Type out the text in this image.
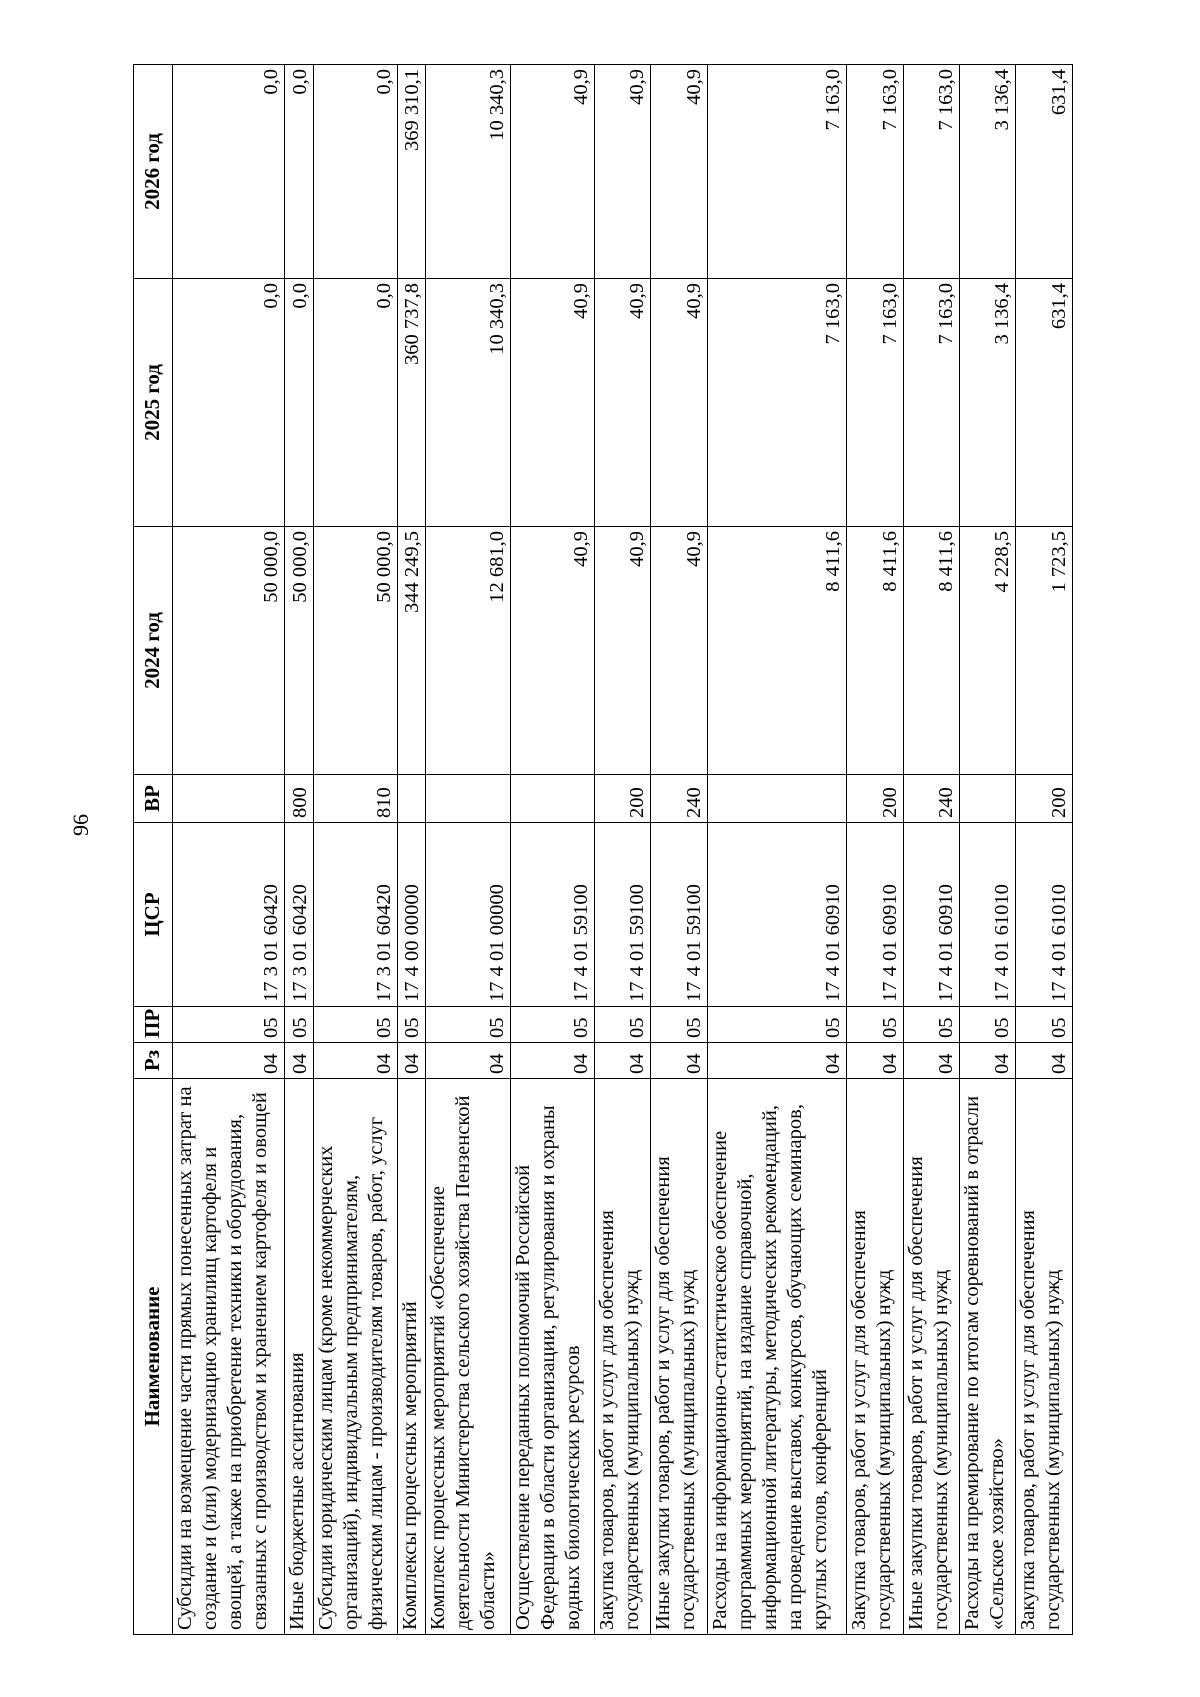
96
Наименование	Рз	ПР	ЦСР	ВР	2024 год	2025 год	2026 год
Субсидии на возмещение части прямых понесенных затрат на создание и (или) модернизацию хранилищ картофеля и овощей, а также на приобретение техники и оборудования, связанных с производством и хранением картофеля и овощей	04	05	17 3 01 60420		50 000,0	0,0	0,0
Иные бюджетные ассигнования	04	05	17 3 01 60420	800	50 000,0	0,0	0,0
Субсидии юридическим лицам (кроме некоммерческих организаций), индивидуальным предпринимателям, физическим лицам - производителям товаров, работ, услуг	04	05	17 3 01 60420	810	50 000,0	0,0	0,0
Комплексы процессных мероприятий	04	05	17 4 00 00000		344 249,5	360 737,8	369 310,1
Комплекс процессных мероприятий «Обеспечение деятельности Министерства сельского хозяйства Пензенской области»	04	05	17 4 01 00000		12 681,0	10 340,3	10 340,3
Осуществление переданных полномочий Российской Федерации в области организации, регулирования и охраны водных биологических ресурсов	04	05	17 4 01 59100		40,9	40,9	40,9
Закупка товаров, работ и услуг для обеспечения государственных (муниципальных) нужд	04	05	17 4 01 59100	200	40,9	40,9	40,9
Иные закупки товаров, работ и услуг для обеспечения государственных (муниципальных) нужд	04	05	17 4 01 59100	240	40,9	40,9	40,9
Расходы на информационно-статистическое обеспечение программных мероприятий, на издание справочной, информационной литературы, методических рекомендаций, на проведение выставок, конкурсов, обучающих семинаров, круглых столов, конференций	04	05	17 4 01 60910		8 411,6	7 163,0	7 163,0
Закупка товаров, работ и услуг для обеспечения государственных (муниципальных) нужд	04	05	17 4 01 60910	200	8 411,6	7 163,0	7 163,0
Иные закупки товаров, работ и услуг для обеспечения государственных (муниципальных) нужд	04	05	17 4 01 60910	240	8 411,6	7 163,0	7 163,0
Расходы на премирование по итогам соревнований в отрасли «Сельское хозяйство»	04	05	17 4 01 61010		4 228,5	3 136,4	3 136,4
Закупка товаров, работ и услуг для обеспечения государственных (муниципальных) нужд	04	05	17 4 01 61010	200	1 723,5	631,4	631,4
